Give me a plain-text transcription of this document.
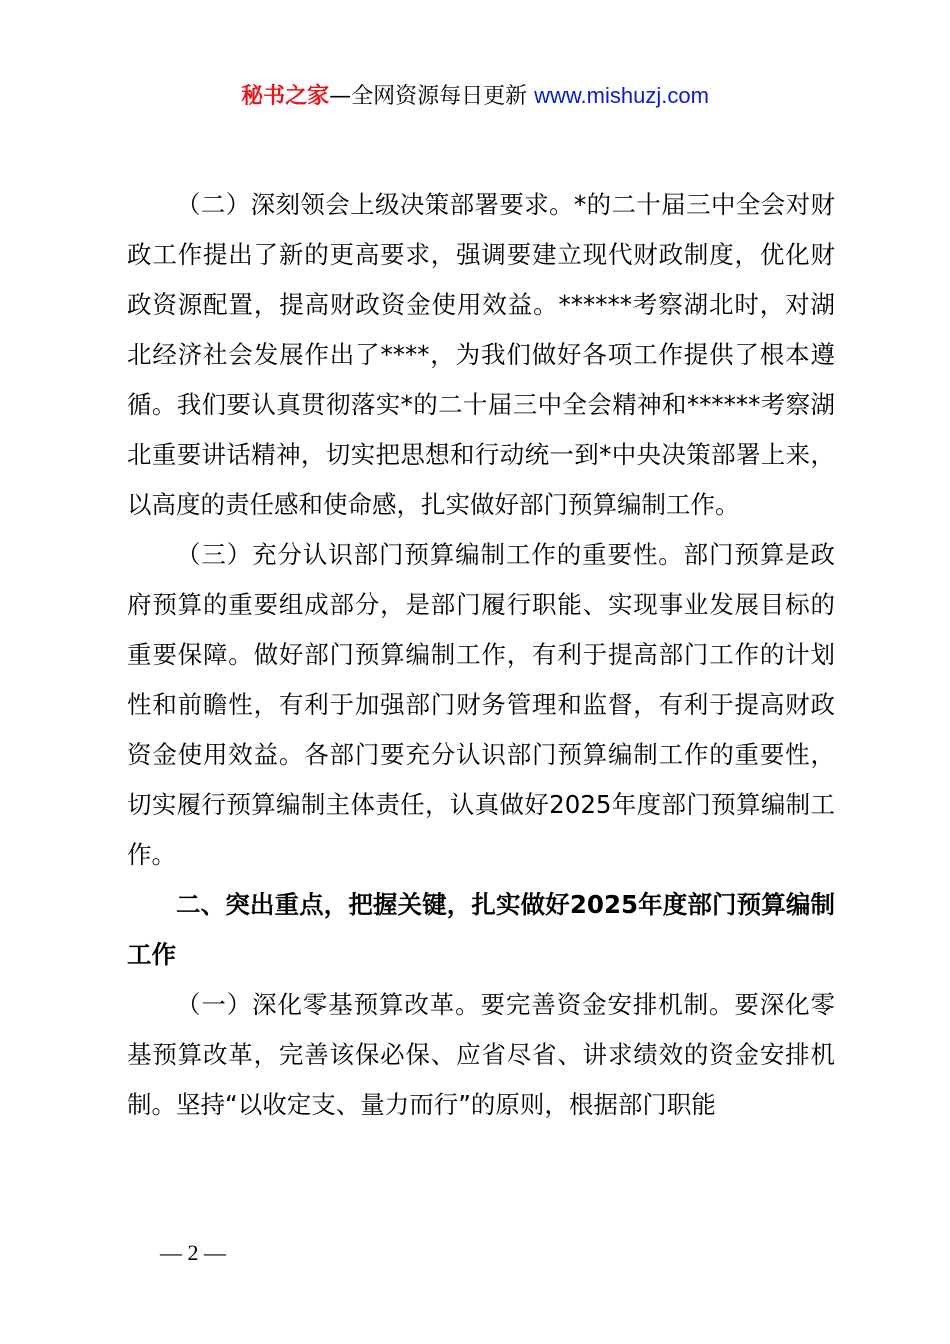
秘书之家—全网资源每日更新 www.mishuzj.com

（二）深刻领会上级决策部署要求。*的二十届三中全会对财政工作提出了新的更高要求，强调要建立现代财政制度，优化财政资源配置，提高财政资金使用效益。******考察湖北时，对湖北经济社会发展作出了****，为我们做好各项工作提供了根本遵循。我们要认真贯彻落实*的二十届三中全会精神和******考察湖北重要讲话精神，切实把思想和行动统一到*中央决策部署上来，以高度的责任感和使命感，扎实做好部门预算编制工作。

（三）充分认识部门预算编制工作的重要性。部门预算是政府预算的重要组成部分，是部门履行职能、实现事业发展目标的重要保障。做好部门预算编制工作，有利于提高部门工作的计划性和前瞻性，有利于加强部门财务管理和监督，有利于提高财政资金使用效益。各部门要充分认识部门预算编制工作的重要性，切实履行预算编制主体责任，认真做好2025年度部门预算编制工作。

二、突出重点，把握关键，扎实做好2025年度部门预算编制工作

（一）深化零基预算改革。要完善资金安排机制。要深化零基预算改革，完善该保必保、应省尽省、讲求绩效的资金安排机制。坚持“以收定支、量力而行”的原则，根据部门职能

— 2 —
